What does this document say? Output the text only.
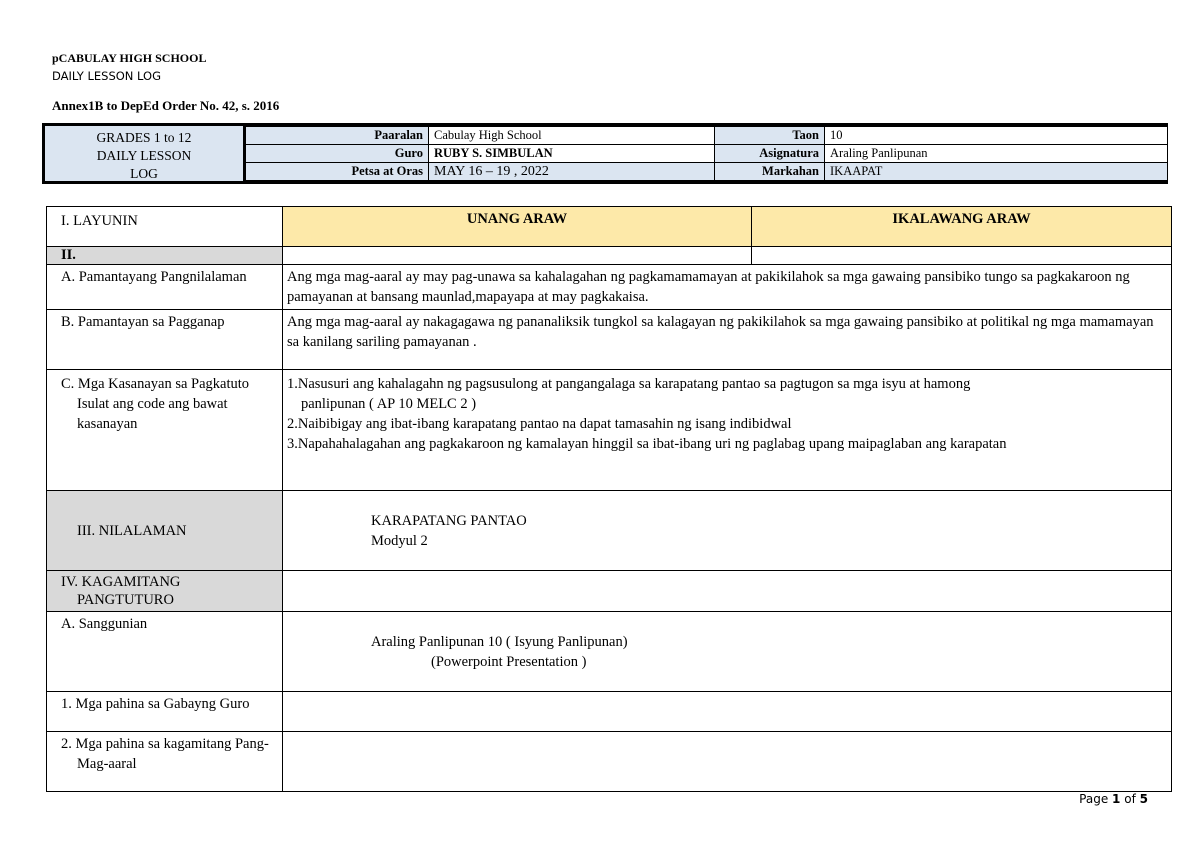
pCABULAY HIGH SCHOOL
DAILY LESSON LOG
Annex1B to DepEd Order No. 42, s. 2016
GRADES 1 to 12
DAILY LESSON
LOG
Paaralan	Cabulay High School	Taon	10
Guro	RUBY S. SIMBULAN	Asignatura	Araling Panlipunan
Petsa at Oras	MAY 16 – 19 , 2022	Markahan	IKAAPAT
I. LAYUNIN	UNANG ARAW	IKALAWANG ARAW
II.		
A. Pamantayang Pangnilalaman	Ang mga mag-aaral ay may pag-unawa sa kahalagahan ng pagkamamamayan at pakikilahok sa mga gawaing pansibiko tungo sa pagkakaroon ng pamayanan at bansang maunlad,mapayapa at may pagkakaisa.	
B. Pamantayan sa Pagganap	Ang mga mag-aaral ay nakagagawa ng pananaliksik tungkol sa kalagayan ng pakikilahok sa mga gawaing pansibiko at politikal ng mga mamamayan sa kanilang sariling pamayanan .	
C. Mga Kasanayan sa Pagkatuto Isulat ang code ang bawat kasanayan	1.Nasusuri ang kahalagahn ng pagsusulong at pangangalaga sa karapatang pantao sa pagtugon sa mga isyu at hamong
panlipunan ( AP 10 MELC 2 )
2.Naibibigay ang ibat-ibang karapatang pantao na dapat tamasahin ng isang indibidwal
3.Napahahalagahan ang pagkakaroon ng kamalayan hinggil sa ibat-ibang uri ng paglabag upang maipaglaban ang karapatan	

III. NILALAMAN	KARAPATANG PANTAO
Modyul 2	

IV. KAGAMITANG PANGTUTURO		
A. Sanggunian	Araling Panlipunan 10 ( Isyung Panlipunan)
(Powerpoint Presentation )	

1. Mga pahina sa Gabayng Guro		
2. Mga pahina sa kagamitang Pang-Mag-aaral		
Page 1 of 5
